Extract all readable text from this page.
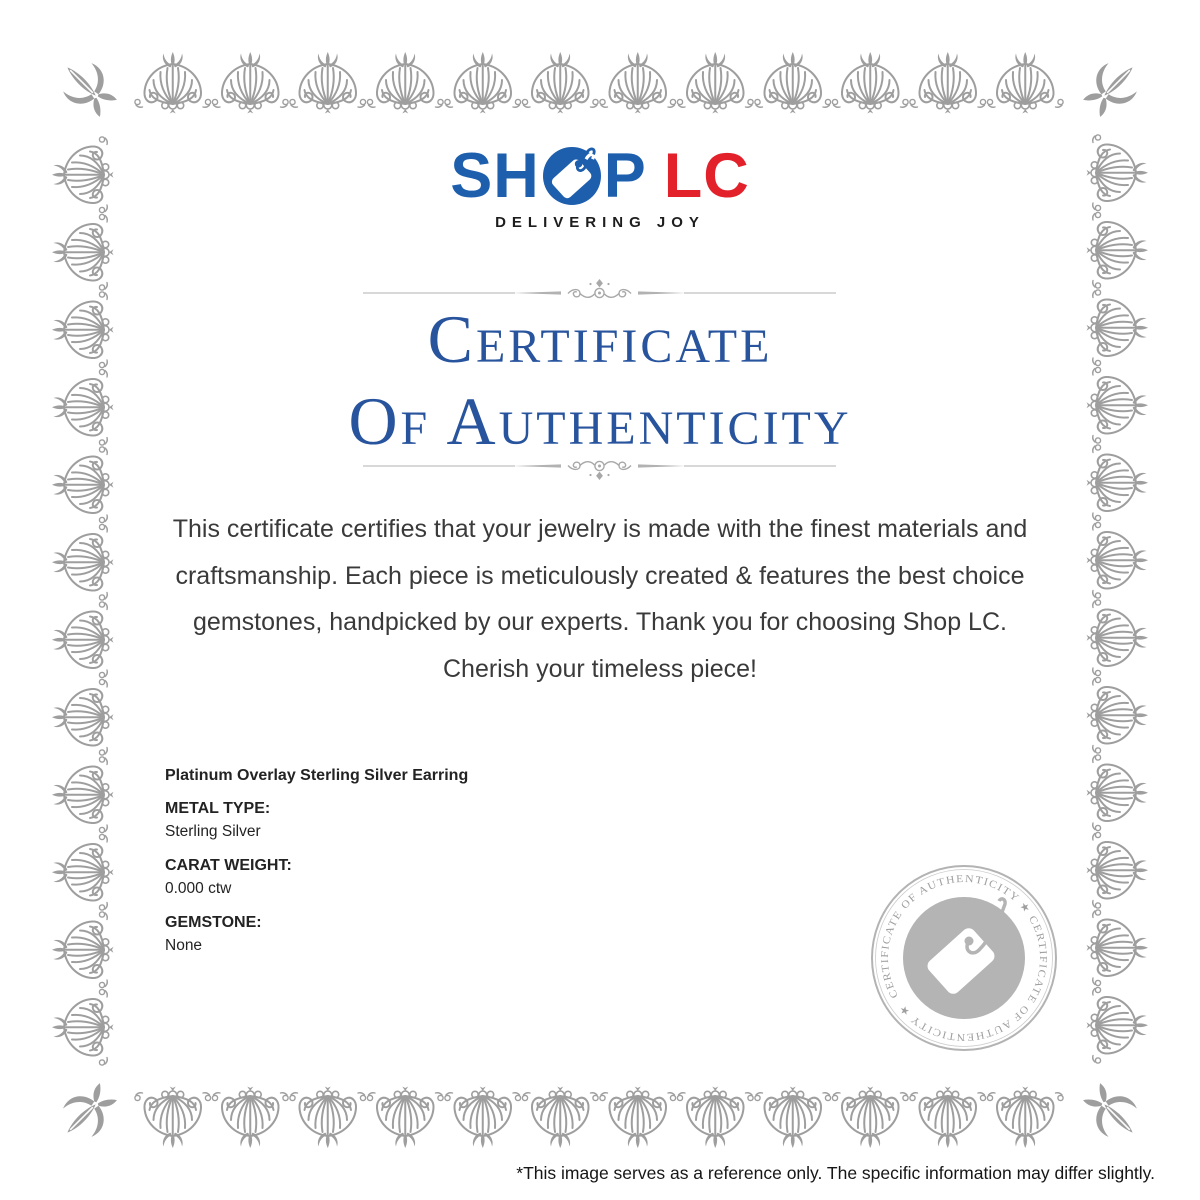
SH P LC
DELIVERING JOY
Certificate
Of Authenticity
This certificate certifies that your jewelry is made with the finest materials and
craftsmanship. Each piece is meticulously created & features the best choice
gemstones, handpicked by our experts. Thank you for choosing Shop LC.
Cherish your timeless piece!
Platinum Overlay Sterling Silver Earring
METAL TYPE:
Sterling Silver
CARAT WEIGHT:
0.000 ctw
GEMSTONE:
None
CERTIFICATE OF AUTHENTICITY ★ CERTIFICATE OF AUTHENTICITY ★
*This image serves as a reference only. The specific information may differ slightly.
